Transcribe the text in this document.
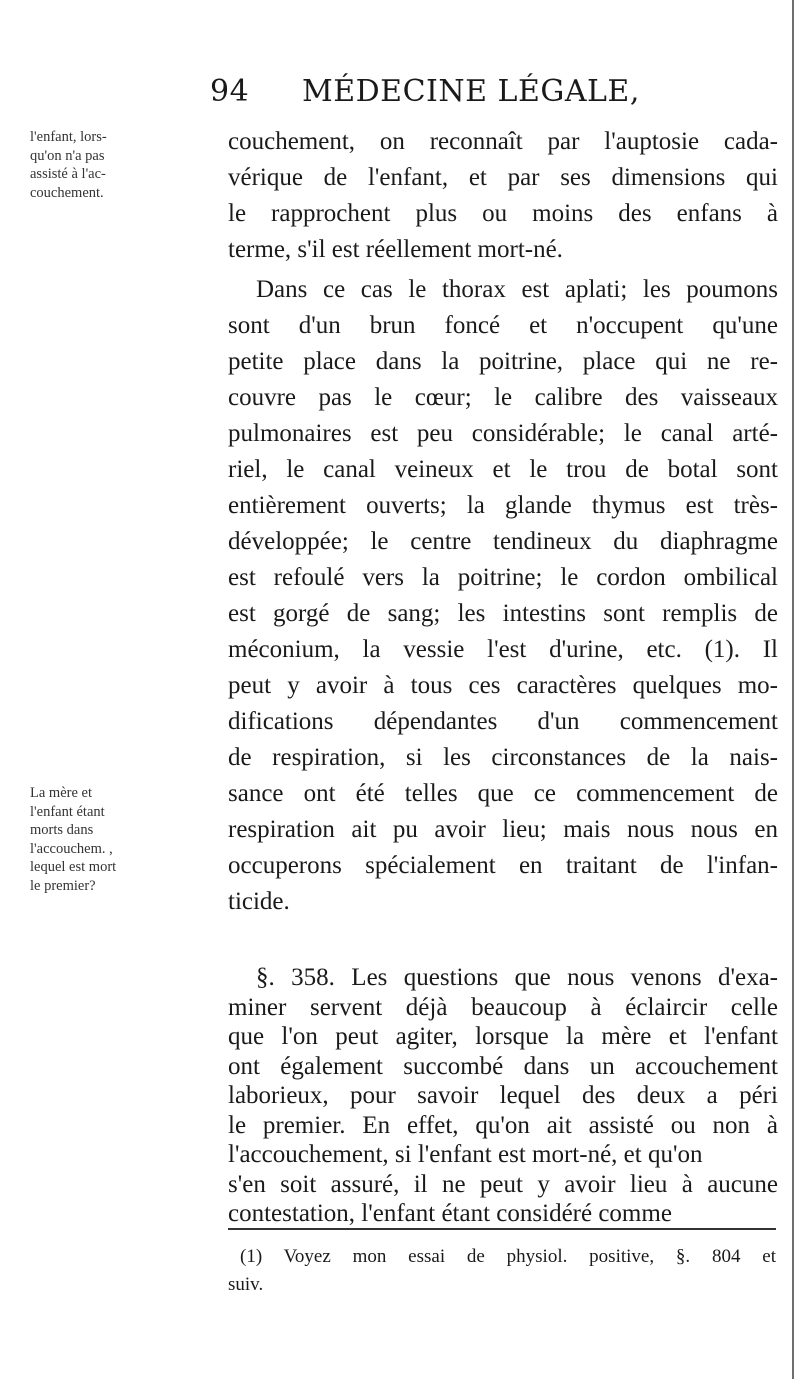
94 MÉDECINE LÉGALE,
l'enfant, lors-
qu'on n'a pas
assisté à l'ac-
couchement.
La mère et
l'enfant étant
morts dans
l'accouchem. ,
lequel est mort
le premier?
couchement, on reconnaît par l'auptosie cada-
vérique de l'enfant, et par ses dimensions qui
le rapprochent plus ou moins des enfans à
terme, s'il est réellement mort-né.
Dans ce cas le thorax est aplati; les poumons
sont d'un brun foncé et n'occupent qu'une
petite place dans la poitrine, place qui ne re-
couvre pas le cœur; le calibre des vaisseaux
pulmonaires est peu considérable; le canal arté-
riel, le canal veineux et le trou de botal sont
entièrement ouverts; la glande thymus est très-
développée; le centre tendineux du diaphragme
est refoulé vers la poitrine; le cordon ombilical
est gorgé de sang; les intestins sont remplis de
méconium, la vessie l'est d'urine, etc. (1). Il
peut y avoir à tous ces caractères quelques mo-
difications dépendantes d'un commencement
de respiration, si les circonstances de la nais-
sance ont été telles que ce commencement de
respiration ait pu avoir lieu; mais nous nous en
occuperons spécialement en traitant de l'infan-
ticide.
§. 358. Les questions que nous venons d'exa-
miner servent déjà beaucoup à éclaircir celle
que l'on peut agiter, lorsque la mère et l'enfant
ont également succombé dans un accouchement
laborieux, pour savoir lequel des deux a péri
le premier. En effet, qu'on ait assisté ou non à
l'accouchement, si l'enfant est mort-né, et qu'on
(1) Voyez mon essai de physiol. positive, §. 804 et
suiv.
s'en soit assuré, il ne peut y avoir lieu à aucune
contestation, l'enfant étant considéré comme
